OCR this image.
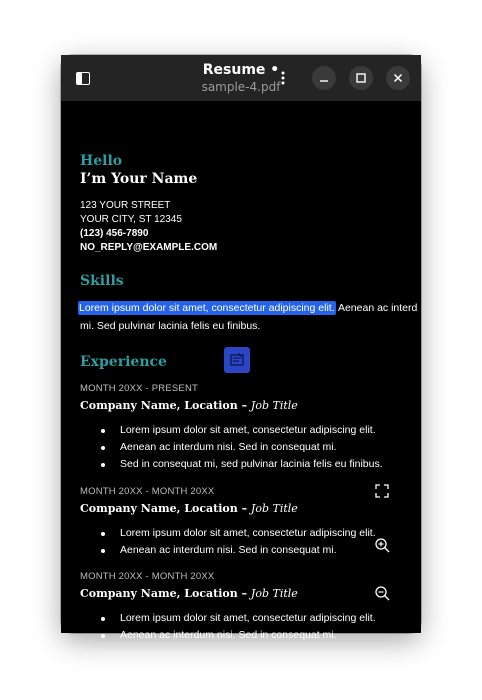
Resume •
sample-4.pdf
Hello
I’m Your Name
123 YOUR STREET
YOUR CITY, ST 12345
(123) 456-7890
NO_REPLY@EXAMPLE.COM
Skills
Lorem ipsum dolor sit amet, consectetur adipiscing elit. Aenean ac interd
mi. Sed pulvinar lacinia felis eu finibus.
Experience
MONTH 20XX - PRESENT
Company Name, Location – Job Title
Lorem ipsum dolor sit amet, consectetur adipiscing elit.
Aenean ac interdum nisi. Sed in consequat mi.
Sed in consequat mi, sed pulvinar lacinia felis eu finibus.
MONTH 20XX - MONTH 20XX
Company Name, Location – Job Title
Lorem ipsum dolor sit amet, consectetur adipiscing elit.
Aenean ac interdum nisi. Sed in consequat mi.
MONTH 20XX - MONTH 20XX
Company Name, Location – Job Title
Lorem ipsum dolor sit amet, consectetur adipiscing elit.
Aenean ac interdum nisi. Sed in consequat mi.
